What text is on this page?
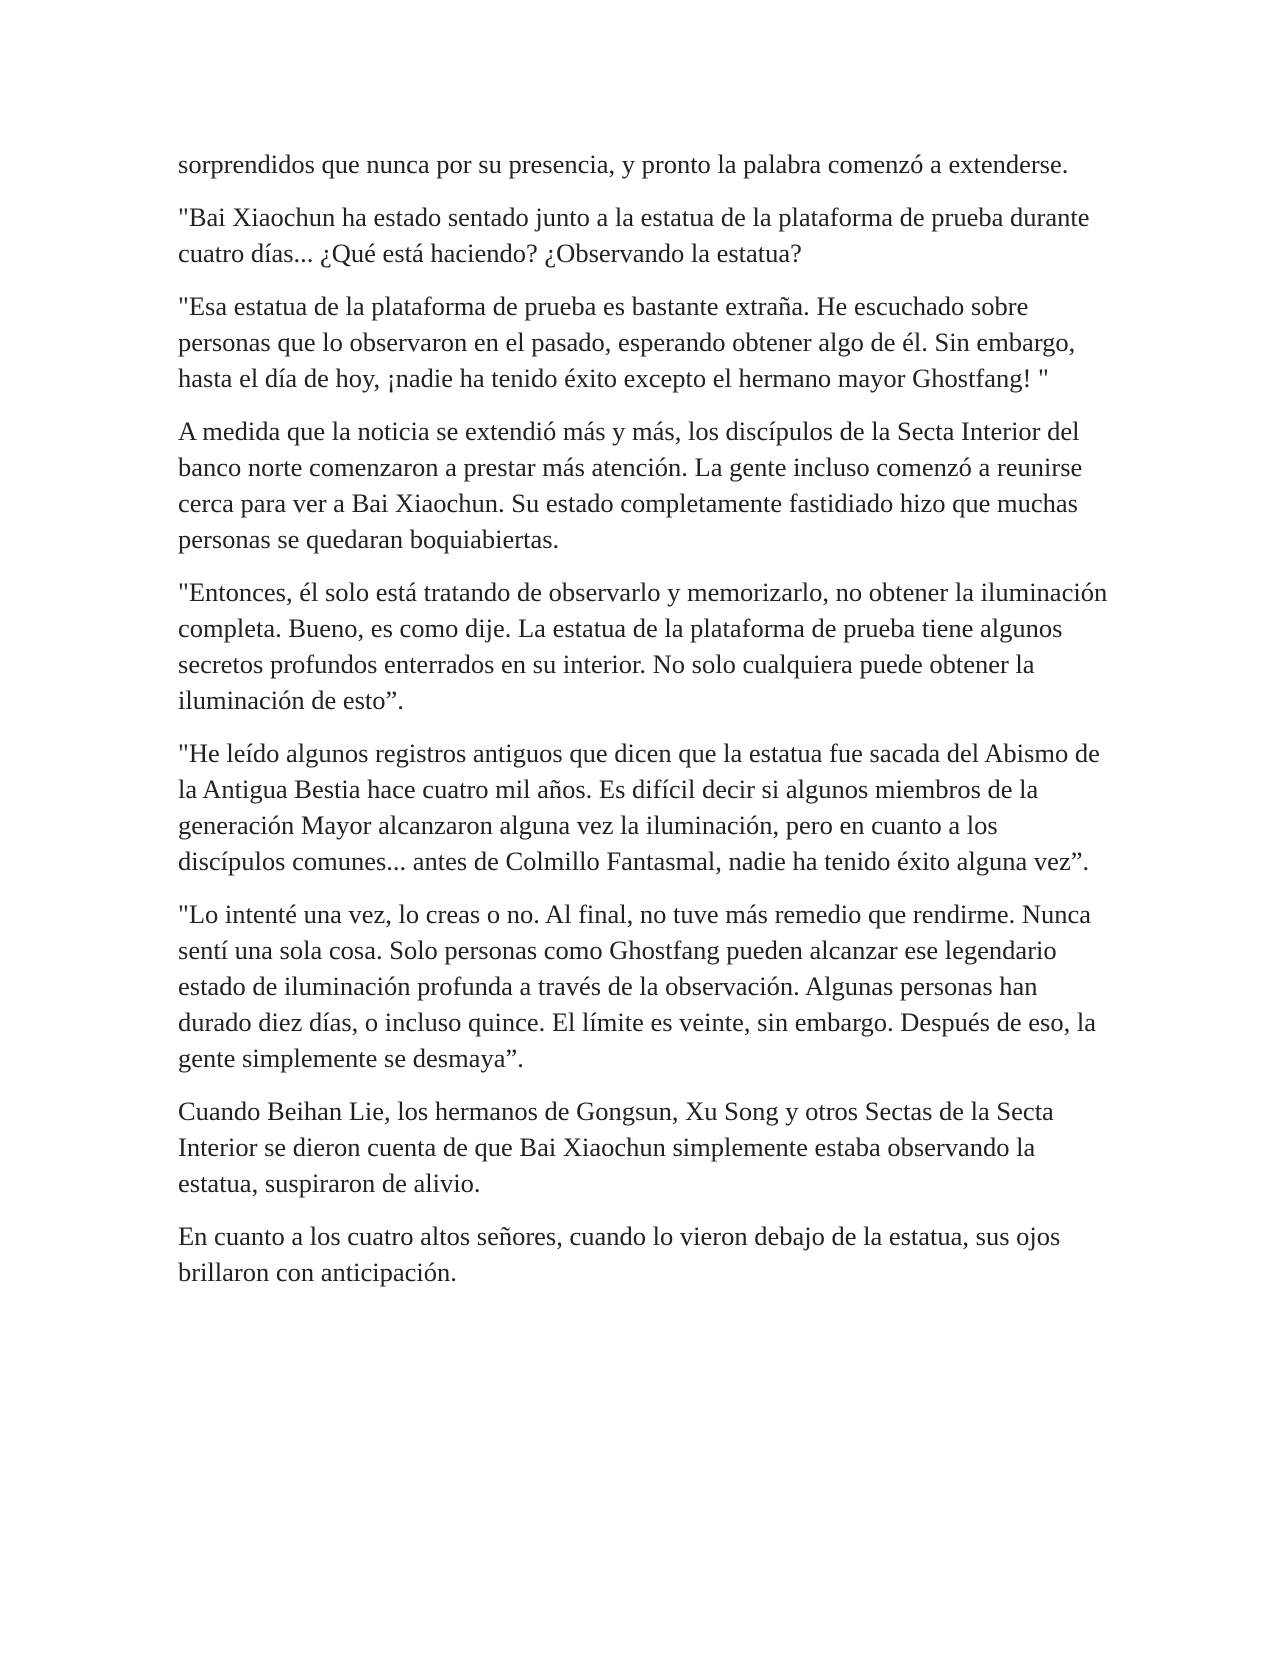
sorprendidos que nunca por su presencia, y pronto la palabra comenzó a extenderse.

"Bai Xiaochun ha estado sentado junto a la estatua de la plataforma de prueba durante cuatro días... ¿Qué está haciendo? ¿Observando la estatua?

"Esa estatua de la plataforma de prueba es bastante extraña. He escuchado sobre personas que lo observaron en el pasado, esperando obtener algo de él. Sin embargo, hasta el día de hoy, ¡nadie ha tenido éxito excepto el hermano mayor Ghostfang! "

A medida que la noticia se extendió más y más, los discípulos de la Secta Interior del banco norte comenzaron a prestar más atención. La gente incluso comenzó a reunirse cerca para ver a Bai Xiaochun. Su estado completamente fastidiado hizo que muchas personas se quedaran boquiabiertas.

"Entonces, él solo está tratando de observarlo y memorizarlo, no obtener la iluminación completa. Bueno, es como dije. La estatua de la plataforma de prueba tiene algunos secretos profundos enterrados en su interior. No solo cualquiera puede obtener la iluminación de esto”.

"He leído algunos registros antiguos que dicen que la estatua fue sacada del Abismo de la Antigua Bestia hace cuatro mil años. Es difícil decir si algunos miembros de la generación Mayor alcanzaron alguna vez la iluminación, pero en cuanto a los discípulos comunes... antes de Colmillo Fantasmal, nadie ha tenido éxito alguna vez”.

"Lo intenté una vez, lo creas o no. Al final, no tuve más remedio que rendirme. Nunca sentí una sola cosa. Solo personas como Ghostfang pueden alcanzar ese legendario estado de iluminación profunda a través de la observación. Algunas personas han durado diez días, o incluso quince. El límite es veinte, sin embargo. Después de eso, la gente simplemente se desmaya”.

Cuando Beihan Lie, los hermanos de Gongsun, Xu Song y otros Sectas de la Secta Interior se dieron cuenta de que Bai Xiaochun simplemente estaba observando la estatua, suspiraron de alivio.

En cuanto a los cuatro altos señores, cuando lo vieron debajo de la estatua, sus ojos brillaron con anticipación.
